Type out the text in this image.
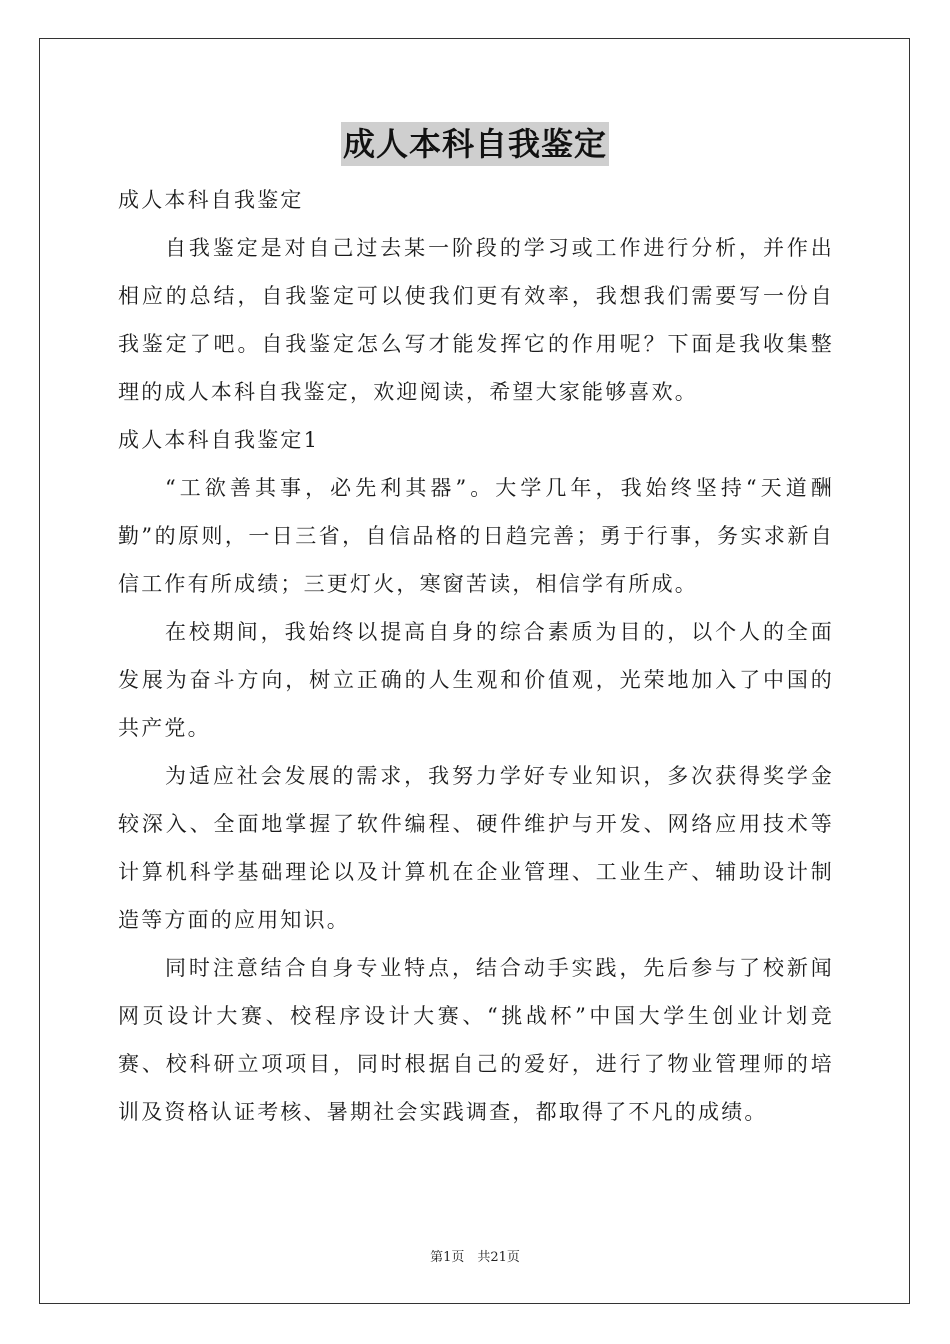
成人本科自我鉴定
成人本科自我鉴定

自我鉴定是对自己过去某一阶段的学习或工作进行分析，并作出相应的总结，自我鉴定可以使我们更有效率，我想我们需要写一份自我鉴定了吧。自我鉴定怎么写才能发挥它的作用呢？下面是我收集整理的成人本科自我鉴定，欢迎阅读，希望大家能够喜欢。

成人本科自我鉴定1

“工欲善其事，必先利其器”。大学几年，我始终坚持“天道酬勤”的原则，一日三省，自信品格的日趋完善；勇于行事，务实求新自信工作有所成绩；三更灯火，寒窗苦读，相信学有所成。

在校期间，我始终以提高自身的综合素质为目的，以个人的全面发展为奋斗方向，树立正确的人生观和价值观，光荣地加入了中国的共产党。

为适应社会发展的需求，我努力学好专业知识，多次获得奖学金较深入、全面地掌握了软件编程、硬件维护与开发、网络应用技术等计算机科学基础理论以及计算机在企业管理、工业生产、辅助设计制造等方面的应用知识。

同时注意结合自身专业特点，结合动手实践，先后参与了校新闻网页设计大赛、校程序设计大赛、“挑战杯”中国大学生创业计划竞赛、校科研立项项目，同时根据自己的爱好，进行了物业管理师的培训及资格认证考核、暑期社会实践调查，都取得了不凡的成绩。

第1页　共21页
